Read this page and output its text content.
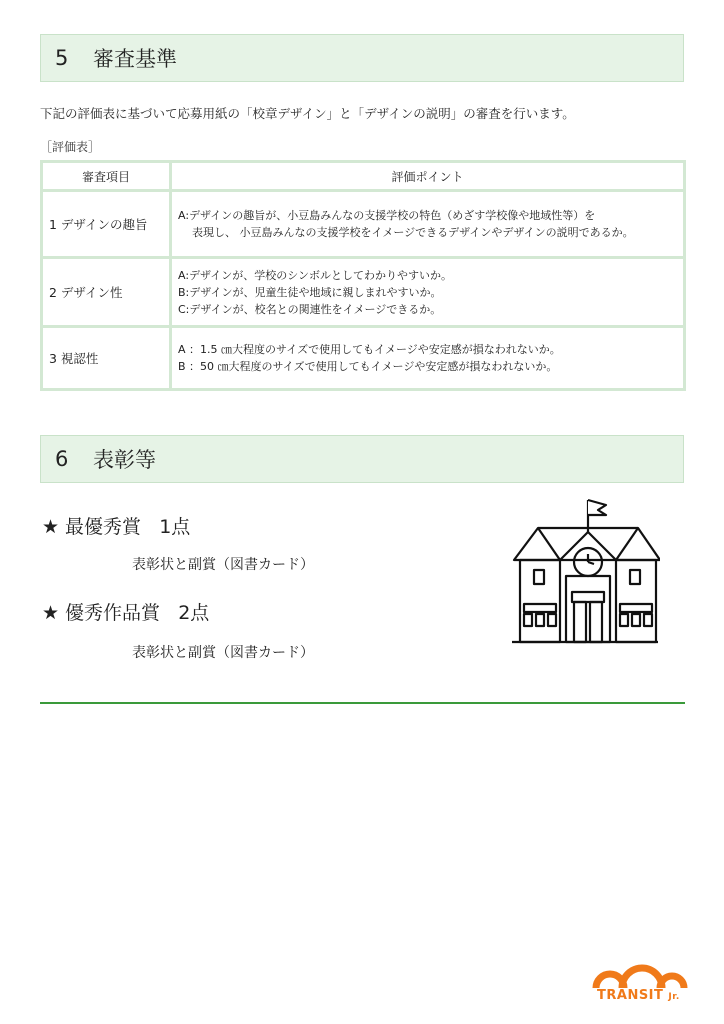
5	審査基準
下記の評価表に基づいて応募用紙の「校章デザイン」と「デザインの説明」の審査を行います。
［評価表］
審査項目	評価ポイント
1 デザインの趣旨	A:デザインの趣旨が、小豆島みんなの支援学校の特色（めざす学校像や地域性等）を
表現し、 小豆島みんなの支援学校をイメージできるデザインやデザインの説明であるか。

2 デザイン性	A:デザインが、学校のシンボルとしてわかりやすいか。
B:デザインが、児童生徒や地域に親しまれやすいか。
C:デザインが、校名との関連性をイメージできるか。

3 視認性	A ：1.5 ㎝大程度のサイズで使用してもイメージや安定感が損なわれないか。
B ：50 ㎝大程度のサイズで使用してもイメージや安定感が損なわれないか。
6	表彰等
★ 最優秀賞 1点
表彰状と副賞（図書カード）
★ 優秀作品賞 2点
表彰状と副賞（図書カード）
TRANSIT Jr.
